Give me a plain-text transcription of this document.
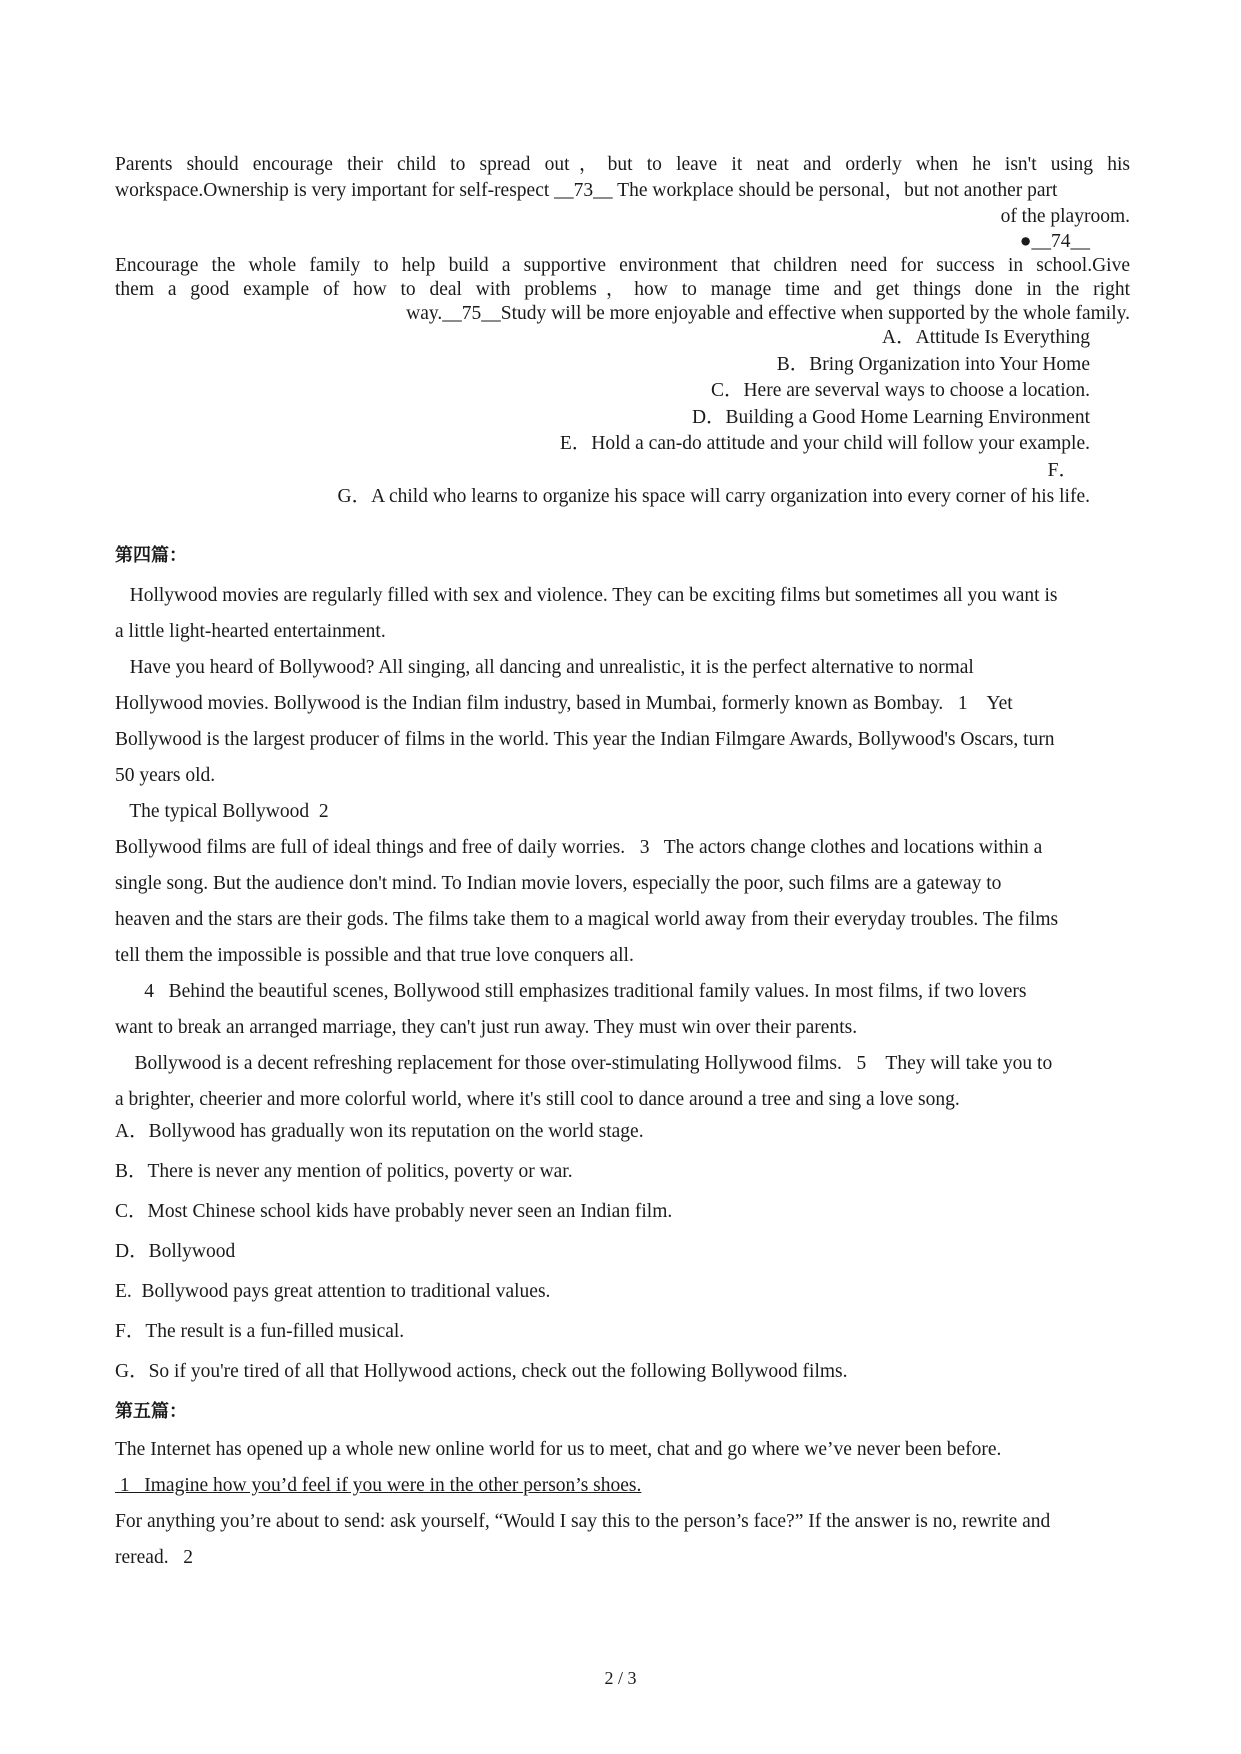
Parents should encourage their child to spread out，but to leave it neat and orderly when he isn't using his

workspace.Ownership is very important for self-respect __73__ The workplace should be personal，but not another part

of the playroom.

●__74__

Encourage the whole family to help build a supportive environment that children need for success in school.Give

them a good example of how to deal with problems，how to manage time and get things done in the right

way.__75__Study will be more enjoyable and effective when supported by the whole family.

A．Attitude Is Everything

B．Bring Organization into Your Home

C．Here are severval ways to choose a location.

D．Building a Good Home Learning Environment

E．Hold a can-do attitude and your child will follow your example.

F．

G．A child who learns to organize his space will carry organization into every corner of his life.

第四篇：

Hollywood movies are regularly filled with sex and violence. They can be exciting films but sometimes all you want is

a little light-hearted entertainment.

Have you heard of Bollywood? All singing, all dancing and unrealistic, it is the perfect alternative to normal

Hollywood movies. Bollywood is the Indian film industry, based in Mumbai, formerly known as Bombay.   1    Yet

Bollywood is the largest producer of films in the world. This year the Indian Filmgare Awards, Bollywood's Oscars, turn

50 years old.

The typical Bollywood  2

Bollywood films are full of ideal things and free of daily worries.   3   The actors change clothes and locations within a

single song. But the audience don't mind. To Indian movie lovers, especially the poor, such films are a gateway to

heaven and the stars are their gods. The films take them to a magical world away from their everyday troubles. The films

tell them the impossible is possible and that true love conquers all.

4   Behind the beautiful scenes, Bollywood still emphasizes traditional family values. In most films, if two lovers

want to break an arranged marriage, they can't just run away. They must win over their parents.

Bollywood is a decent refreshing replacement for those over-stimulating Hollywood films.   5    They will take you to

a brighter, cheerier and more colorful world, where it's still cool to dance around a tree and sing a love song.

A．Bollywood has gradually won its reputation on the world stage.

B．There is never any mention of politics, poverty or war.

C．Most Chinese school kids have probably never seen an Indian film.

D．Bollywood

E.  Bollywood pays great attention to traditional values.

F．The result is a fun-filled musical.

G．So if you're tired of all that Hollywood actions, check out the following Bollywood films.

第五篇：

The Internet has opened up a whole new online world for us to meet, chat and go where we’ve never been before.

1   Imagine how you’d feel if you were in the other person’s shoes.

For anything you’re about to send: ask yourself, “Would I say this to the person’s face?” If the answer is no, rewrite and

reread.   2

2 / 3
